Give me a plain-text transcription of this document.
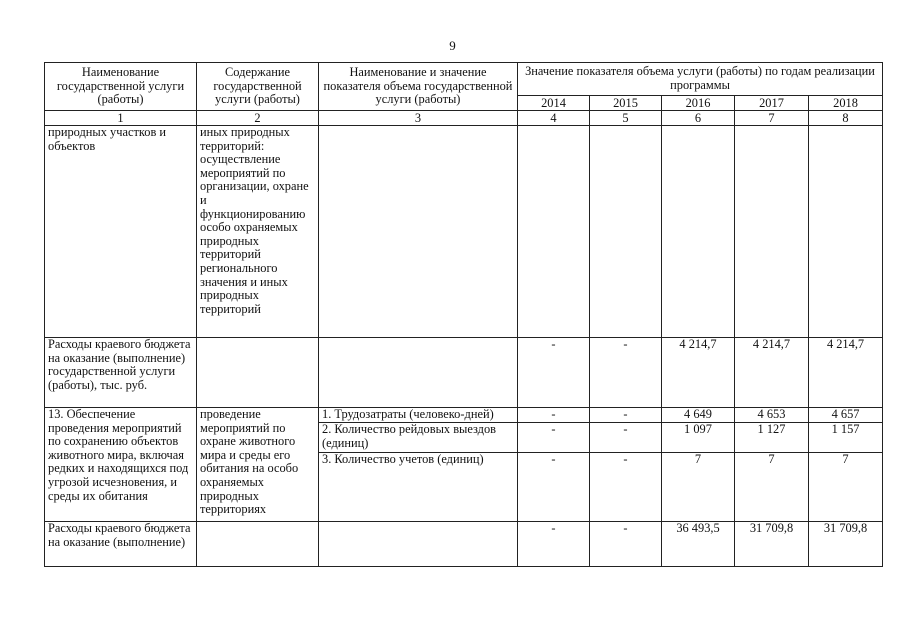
9
Наименование государственной услуги (работы)	Содержание государственной услуги (работы)	Наименование и значение показателя объема государственной услуги (работы)	Значение показателя объема услуги (работы) по годам реализации программы				
			2014	2015	2016	2017	2018
1	2	3	4	5	6	7	8
природных участков и объектов	иных природных территорий: осуществление мероприятий по организации, охране и функционированию особо охраняемых природных территорий регионального значения и иных природных территорий						
Расходы краевого бюджета на оказание (выполнение) государственной услуги (работы), тыс. руб.			-	-	4 214,7	4 214,7	4 214,7
13. Обеспечение проведения мероприятий по сохранению объектов животного мира, включая редких и находящихся под угрозой исчезновения, и среды их обитания	проведение мероприятий по охране животного мира и среды его обитания на особо охраняемых природных территориях	1. Трудозатраты (человеко-дней)	-	-	4 649	4 653	4 657
		2. Количество рейдовых выездов (единиц)	-	-	1 097	1 127	1 157
		3. Количество учетов (единиц)	-	-	7	7	7
Расходы краевого бюджета на оказание (выполнение)			-	-	36 493,5	31 709,8	31 709,8
